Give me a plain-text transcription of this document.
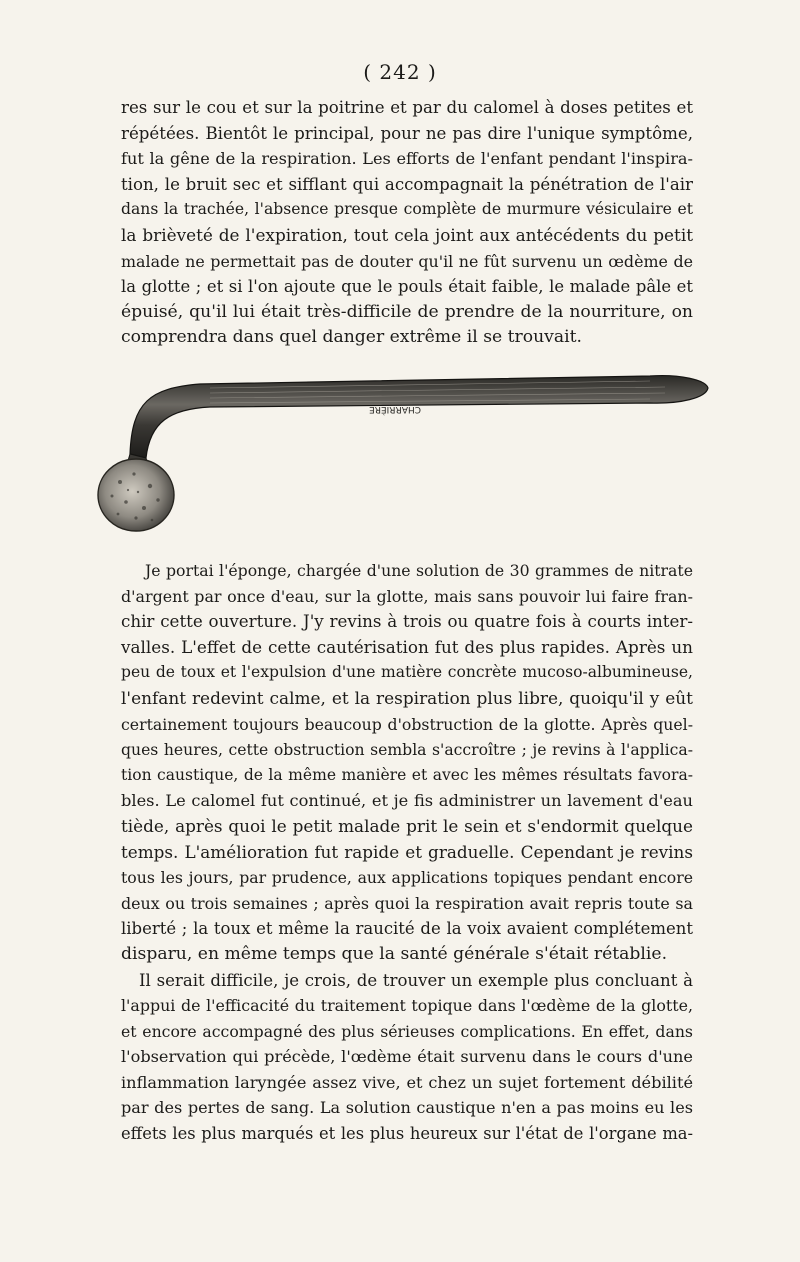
( 242 )
res sur le cou et sur la poitrine et par du calomel à doses petites et
répétées. Bientôt le principal, pour ne pas dire l'unique symptôme,
fut la gêne de la respiration. Les efforts de l'enfant pendant l'inspira-
tion, le bruit sec et sifflant qui accompagnait la pénétration de l'air
dans la trachée, l'absence presque complète de murmure vésiculaire et
la brièveté de l'expiration, tout cela joint aux antécédents du petit
malade ne permettait pas de douter qu'il ne fût survenu un œdème de
la glotte ; et si l'on ajoute que le pouls était faible, le malade pâle et
épuisé, qu'il lui était très-difficile de prendre de la nourriture, on
comprendra dans quel danger extrême il se trouvait.
CHARRIÈRE
Je portai l'éponge, chargée d'une solution de 30 grammes de nitrate
d'argent par once d'eau, sur la glotte, mais sans pouvoir lui faire fran-
chir cette ouverture. J'y revins à trois ou quatre fois à courts inter-
valles. L'effet de cette cautérisation fut des plus rapides. Après un
peu de toux et l'expulsion d'une matière concrète mucoso-albumineuse,
l'enfant redevint calme, et la respiration plus libre, quoiqu'il y eût
certainement toujours beaucoup d'obstruction de la glotte. Après quel-
ques heures, cette obstruction sembla s'accroître ; je revins à l'applica-
tion caustique, de la même manière et avec les mêmes résultats favora-
bles. Le calomel fut continué, et je fis administrer un lavement d'eau
tiède, après quoi le petit malade prit le sein et s'endormit quelque
temps. L'amélioration fut rapide et graduelle. Cependant je revins
tous les jours, par prudence, aux applications topiques pendant encore
deux ou trois semaines ; après quoi la respiration avait repris toute sa
liberté ; la toux et même la raucité de la voix avaient complétement
disparu, en même temps que la santé générale s'était rétablie.
Il serait difficile, je crois, de trouver un exemple plus concluant à
l'appui de l'efficacité du traitement topique dans l'œdème de la glotte,
et encore accompagné des plus sérieuses complications. En effet, dans
l'observation qui précède, l'œdème était survenu dans le cours d'une
inflammation laryngée assez vive, et chez un sujet fortement débilité
par des pertes de sang. La solution caustique n'en a pas moins eu les
effets les plus marqués et les plus heureux sur l'état de l'organe ma-
